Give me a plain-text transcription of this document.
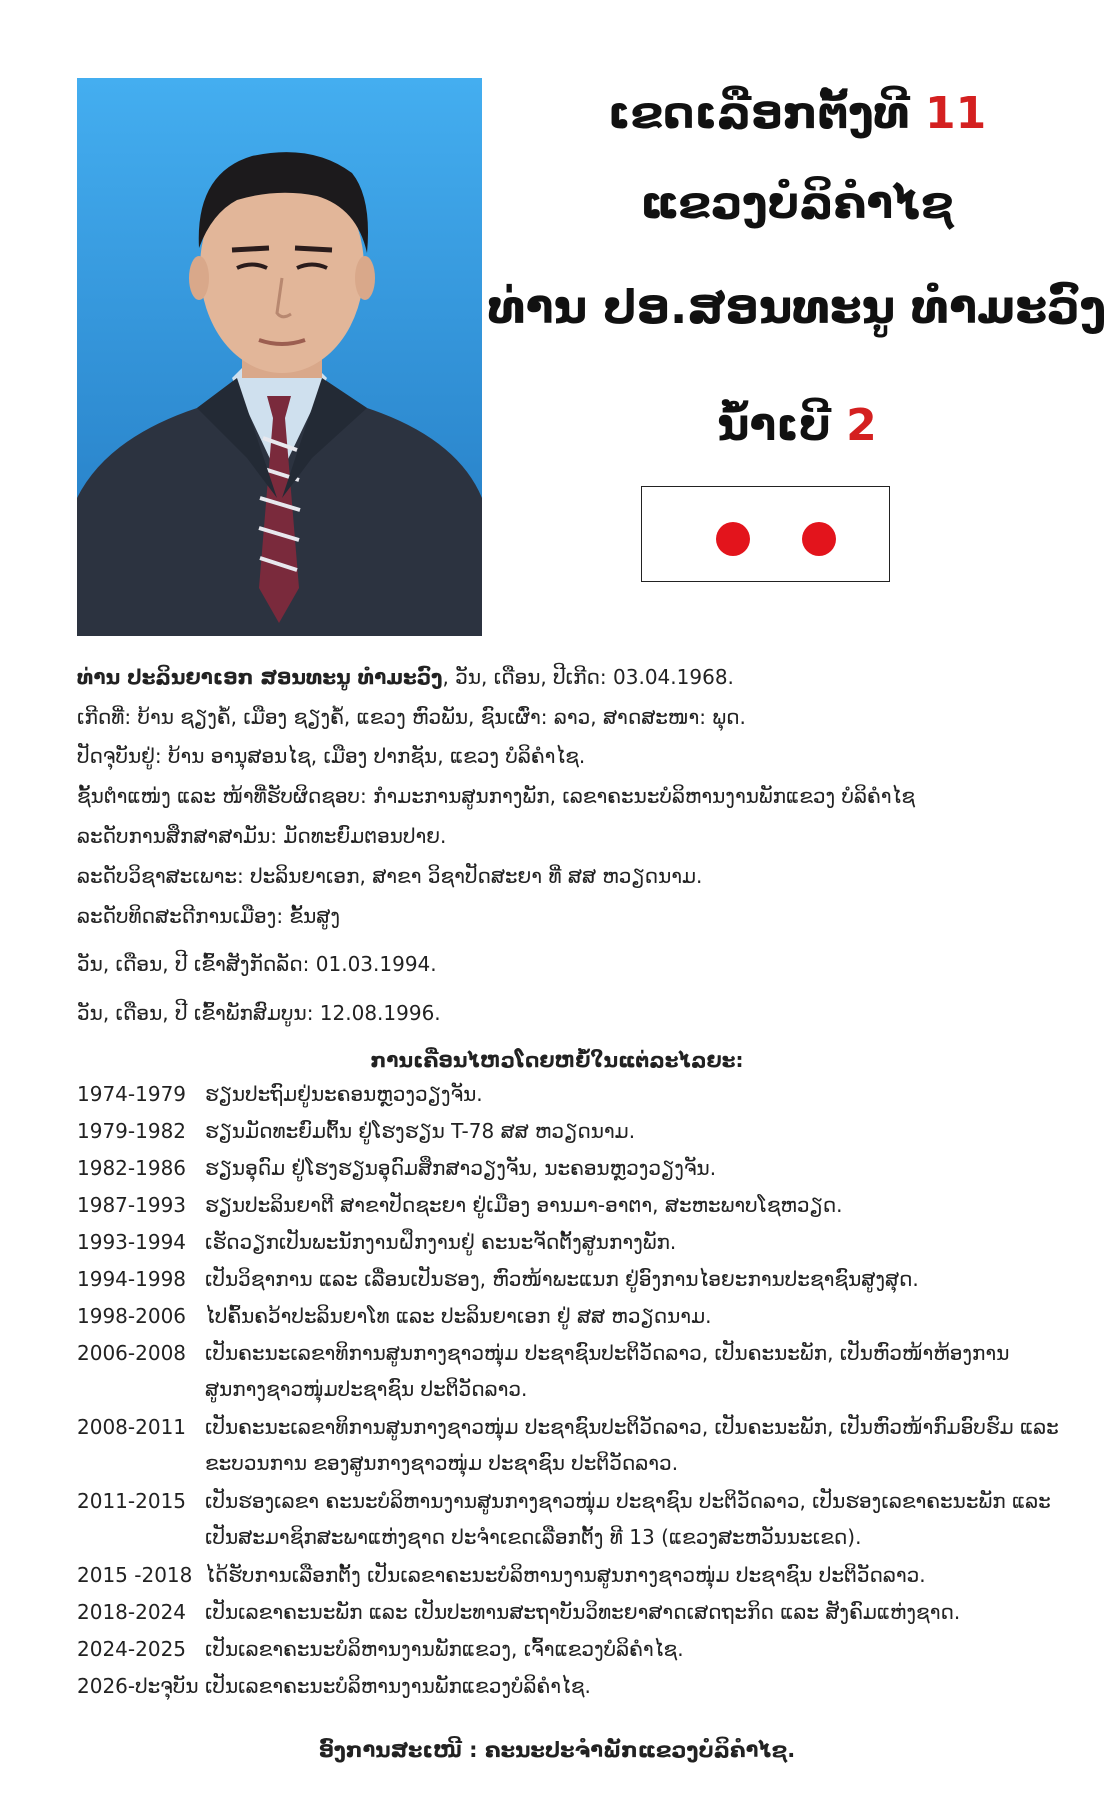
ເຂດເລືອກຕັ້ງທີ 11
ແຂວງບໍລິຄຳໄຊ
ທ່ານ ປອ.ສອນທະນູ ທຳມະວົງ
ນ້ຳເບີ 2
ທ່ານ ປະລິນຍາເອກ ສອນທະນູ ທຳມະວົງ, ວັນ, ເດືອນ, ປີເກີດ: 03.04.1968.
ເກີດທີ່: ບ້ານ ຊຽງຄໍ້, ເມືອງ ຊຽງຄໍ້, ແຂວງ ຫົວພັນ, ຊົນເຜົ່າ: ລາວ, ສາດສະໜາ: ພຸດ.
ປັດຈຸບັນຢູ່: ບ້ານ ອານຸສອນໄຊ, ເມືອງ ປາກຊັນ, ແຂວງ ບໍລິຄຳໄຊ.
ຊັ້ນຕຳແໜ່ງ ແລະ ໜ້າທີ່ຮັບຜິດຊອບ: ກຳມະການສູນກາງພັກ, ເລຂາຄະນະບໍລິຫານງານພັກແຂວງ ບໍລິຄຳໄຊ
ລະດັບການສຶກສາສາມັນ: ມັດທະຍົມຕອນປາຍ.
ລະດັບວິຊາສະເພາະ: ປະລິນຍາເອກ, ສາຂາ ວິຊາປັດສະຍາ ທີ່ ສສ ຫວຽດນາມ.
ລະດັບທິດສະດີການເມືອງ: ຂັ້ນສູງ
ວັນ, ເດືອນ, ປີ ເຂົ້າສັງກັດລັດ: 01.03.1994.
ວັນ, ເດືອນ, ປີ ເຂົ້າພັກສົມບູນ: 12.08.1996.
ການເຄື່ອນໄຫວໂດຍຫຍໍ້ໃນແຕ່ລະໄລຍະ:
1974-1979 ຮຽນປະຖົມຢູ່ນະຄອນຫຼວງວຽງຈັນ.
1979-1982 ຮຽນມັດທະຍົມຕົ້ນ ຢູ່ໂຮງຮຽນ T-78 ສສ ຫວຽດນາມ.
1982-1986 ຮຽນອຸດົມ ຢູ່ໂຮງຮຽນອຸດົມສຶກສາວຽງຈັນ, ນະຄອນຫຼວງວຽງຈັນ.
1987-1993 ຮຽນປະລິນຍາຕີ ສາຂາປັດຊະຍາ ຢູ່ເມືອງ ອານມາ-ອາຕາ, ສະຫະພາບໂຊຫວຽດ.
1993-1994 ເຮັດວຽກເປັນພະນັກງານຝຶກງານຢູ່ ຄະນະຈັດຕັ້ງສູນກາງພັກ.
1994-1998 ເປັນວິຊາການ ແລະ ເລື່ອນເປັນຮອງ, ຫົວໜ້າພະແນກ ຢູ່ອົງການໄອຍະການປະຊາຊົນສູງສຸດ.
1998-2006 ໄປຄົ້ນຄວ້າປະລິນຍາໂທ ແລະ ປະລິນຍາເອກ ຢູ່ ສສ ຫວຽດນາມ.
2006-2008 ເປັນຄະນະເລຂາທິການສູນກາງຊາວໜຸ່ມ ປະຊາຊົນປະຕິວັດລາວ, ເປັນຄະນະພັກ, ເປັນຫົວໜ້າຫ້ອງການ ສູນກາງຊາວໜຸ່ມປະຊາຊົນ ປະຕິວັດລາວ.
2008-2011 ເປັນຄະນະເລຂາທິການສູນກາງຊາວໜຸ່ມ ປະຊາຊົນປະຕິວັດລາວ, ເປັນຄະນະພັກ, ເປັນຫົວໜ້າກົມອົບຮົມ ແລະ ຂະບວນການ ຂອງສູນກາງຊາວໜຸ່ມ ປະຊາຊົນ ປະຕິວັດລາວ.
2011-2015 ເປັນຮອງເລຂາ ຄະນະບໍລິຫານງານສູນກາງຊາວໜຸ່ມ ປະຊາຊົນ ປະຕິວັດລາວ, ເປັນຮອງເລຂາຄະນະພັກ ແລະ ເປັນສະມາຊິກສະພາແຫ່ງຊາດ ປະຈຳເຂດເລືອກຕັ້ງ ທີ 13 (ແຂວງສະຫວັນນະເຂດ).
2015 -2018 ໄດ້ຮັບການເລືອກຕັ້ງ ເປັນເລຂາຄະນະບໍລິຫານງານສູນກາງຊາວໜຸ່ມ ປະຊາຊົນ ປະຕິວັດລາວ.
2018-2024 ເປັນເລຂາຄະນະພັກ ແລະ ເປັນປະທານສະຖາບັນວິທະຍາສາດເສດຖະກິດ ແລະ ສັງຄົມແຫ່ງຊາດ.
2024-2025 ເປັນເລຂາຄະນະບໍລິຫານງານພັກແຂວງ, ເຈົ້າແຂວງບໍລິຄຳໄຊ.
2026-ປະຈຸບັນ ເປັນເລຂາຄະນະບໍລິຫານງານພັກແຂວງບໍລິຄຳໄຊ.
ອົງການສະເໜີ : ຄະນະປະຈຳພັກແຂວງບໍລິຄຳໄຊ.
